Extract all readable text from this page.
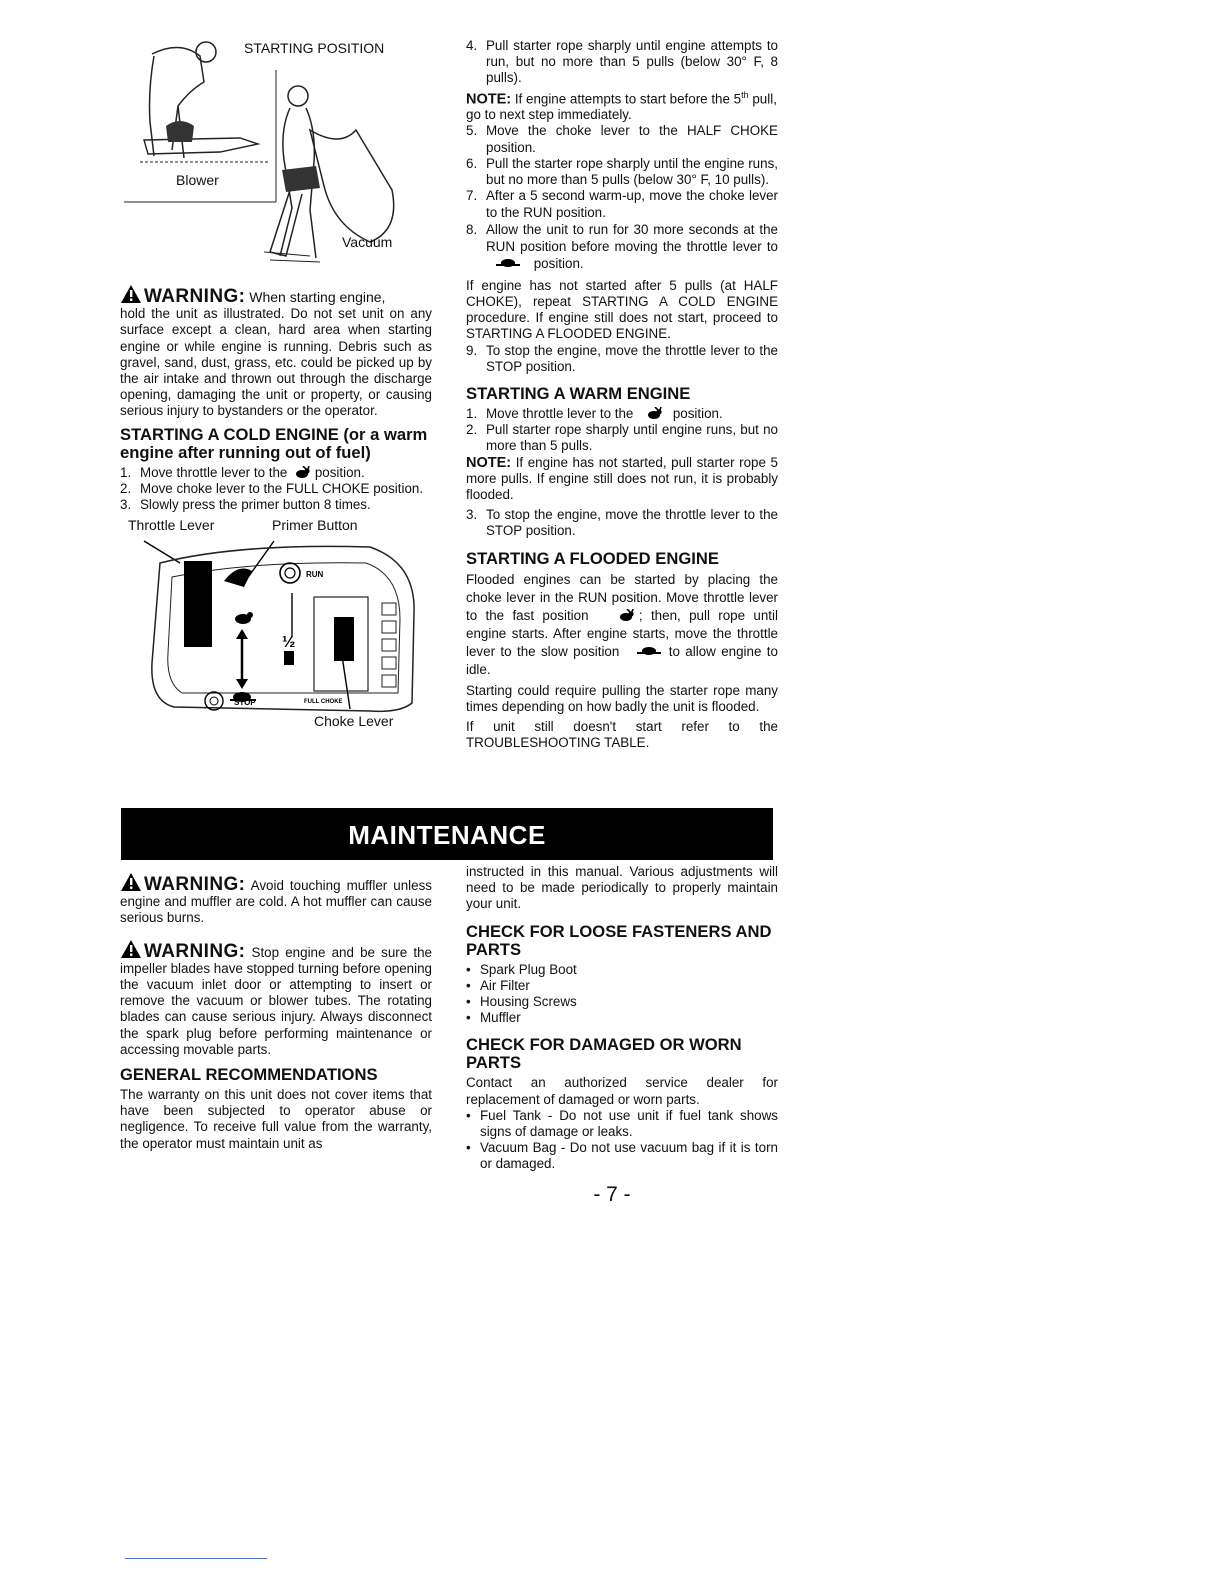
STARTING POSITION
Blower
Vacuum

WARNING: When starting engine,

hold the unit as illustrated. Do not set unit on any surface except a clean, hard area when starting engine or while engine is running. Debris such as gravel, sand, dust, grass, etc. could be picked up by the air intake and thrown out through the discharge opening, damaging the unit or property, or causing serious injury to bystanders or the operator.

STARTING A COLD ENGINE (or a warm engine after running out of fuel)
1. Move throttle lever to the position.
2. Move choke lever to the FULL CHOKE position.
3. Slowly press the primer button 8 times.
Throttle Lever	Primer Button
RUN
½
STOP	FULL CHOKE
Choke Lever
4. Pull starter rope sharply until engine attempts to run, but no more than 5 pulls (below 30° F, 8 pulls).

NOTE: If engine attempts to start before the 5th pull, go to next step immediately.

5. Move the choke lever to the HALF CHOKE position.
6. Pull the starter rope sharply until the engine runs, but no more than 5 pulls (below 30° F, 10 pulls).
7. After a 5 second warm-up, move the choke lever to the RUN position.
8. Allow the unit to run for 30 more seconds at the RUN position before moving the throttle lever to  position.

If engine has not started after 5 pulls (at HALF CHOKE), repeat STARTING A COLD ENGINE procedure. If engine still does not start, proceed to STARTING A FLOODED ENGINE.

9. To stop the engine, move the throttle lever to the STOP position.
STARTING A WARM ENGINE
1. Move throttle lever to the	position.
2. Pull starter rope sharply until engine runs, but no more than 5 pulls.

NOTE: If engine has not started, pull starter rope 5 more pulls. If engine still does not run, it is probably flooded.

3. To stop the engine, move the throttle lever to the STOP position.
STARTING A FLOODED ENGINE

Flooded engines can be started by placing the choke lever in the RUN position. Move throttle lever to the fast position	; then, pull rope until engine starts. After engine starts, move the throttle lever to the slow position	to allow engine to idle.

Starting could require pulling the starter rope many times depending on how badly the unit is flooded.

If unit still doesn't start refer to the TROUBLESHOOTING TABLE.

MAINTENANCE

WARNING: Avoid touching muffler unless engine and muffler are cold. A hot muffler can cause serious burns.

WARNING: Stop engine and be sure the impeller blades have stopped turning before opening the vacuum inlet door or attempting to insert or remove the vacuum or blower tubes. The rotating blades can cause serious injury. Always disconnect the spark plug before performing maintenance or accessing movable parts.

GENERAL RECOMMENDATIONS

The warranty on this unit does not cover items that have been subjected to operator abuse or negligence. To receive full value from the warranty, the operator must maintain unit as

instructed in this manual. Various adjustments will need to be made periodically to properly maintain your unit.

CHECK FOR LOOSE FASTENERS AND PARTS
• Spark Plug Boot
• Air Filter
• Housing Screws
• Muffler
CHECK FOR DAMAGED OR WORN PARTS

Contact an authorized service dealer for replacement of damaged or worn parts.

• Fuel Tank - Do not use unit if fuel tank shows signs of damage or leaks.
• Vacuum Bag - Do not use vacuum bag if it is torn or damaged.
- 7 -
